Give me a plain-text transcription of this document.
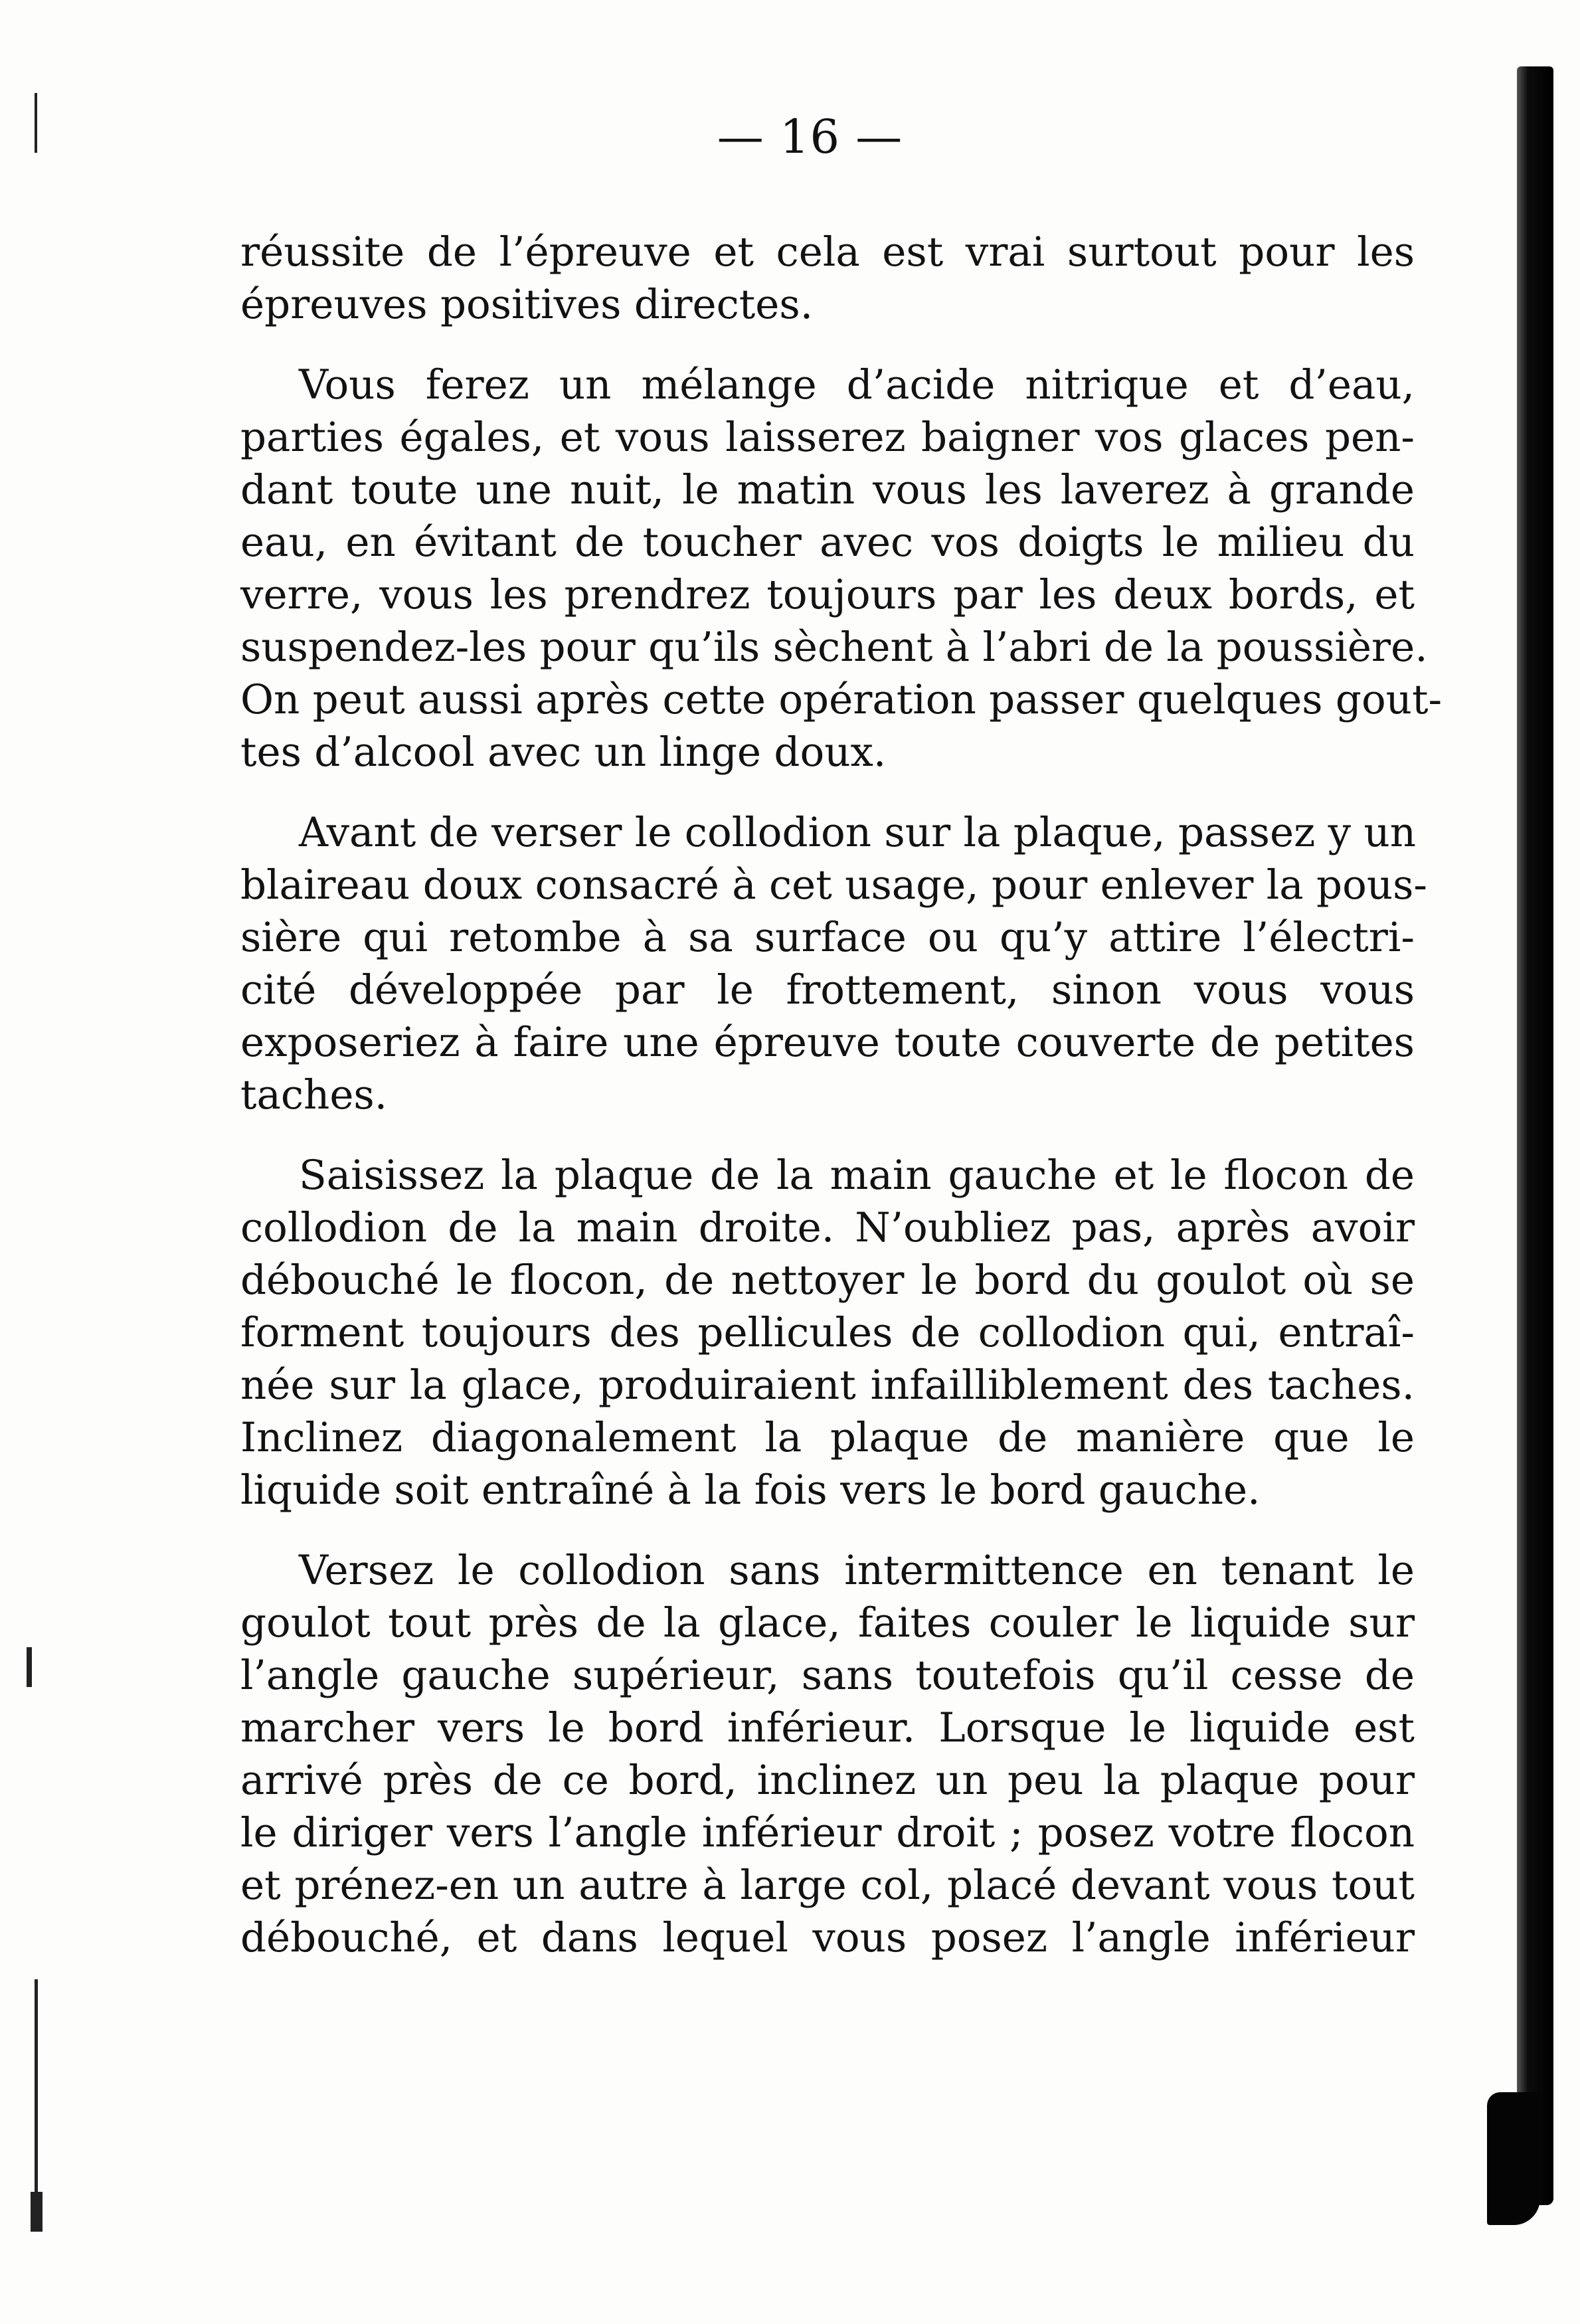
— 16 —

réussite de l’épreuve et cela est vrai surtout pour les
épreuves positives directes.

Vous ferez un mélange d’acide nitrique et d’eau,
parties égales, et vous laisserez baigner vos glaces pen-
dant toute une nuit, le matin vous les laverez à grande
eau, en évitant de toucher avec vos doigts le milieu du
verre, vous les prendrez toujours par les deux bords, et
suspendez-les pour qu’ils sèchent à l’abri de la poussière.
On peut aussi après cette opération passer quelques gout-
tes d’alcool avec un linge doux.

Avant de verser le collodion sur la plaque, passez y un
blaireau doux consacré à cet usage, pour enlever la pous-
sière qui retombe à sa surface ou qu’y attire l’électri-
cité développée par le frottement, sinon vous vous
exposeriez à faire une épreuve toute couverte de petites
taches.

Saisissez la plaque de la main gauche et le flocon de
collodion de la main droite. N’oubliez pas, après avoir
débouché le flocon, de nettoyer le bord du goulot où se
forment toujours des pellicules de collodion qui, entraî-
née sur la glace, produiraient infailliblement des taches.
Inclinez diagonalement la plaque de manière que le
liquide soit entraîné à la fois vers le bord gauche.

Versez le collodion sans intermittence en tenant le
goulot tout près de la glace, faites couler le liquide sur
l’angle gauche supérieur, sans toutefois qu’il cesse de
marcher vers le bord inférieur. Lorsque le liquide est
arrivé près de ce bord, inclinez un peu la plaque pour
le diriger vers l’angle inférieur droit ; posez votre flocon
et prénez-en un autre à large col, placé devant vous tout
débouché, et dans lequel vous posez l’angle inférieur
